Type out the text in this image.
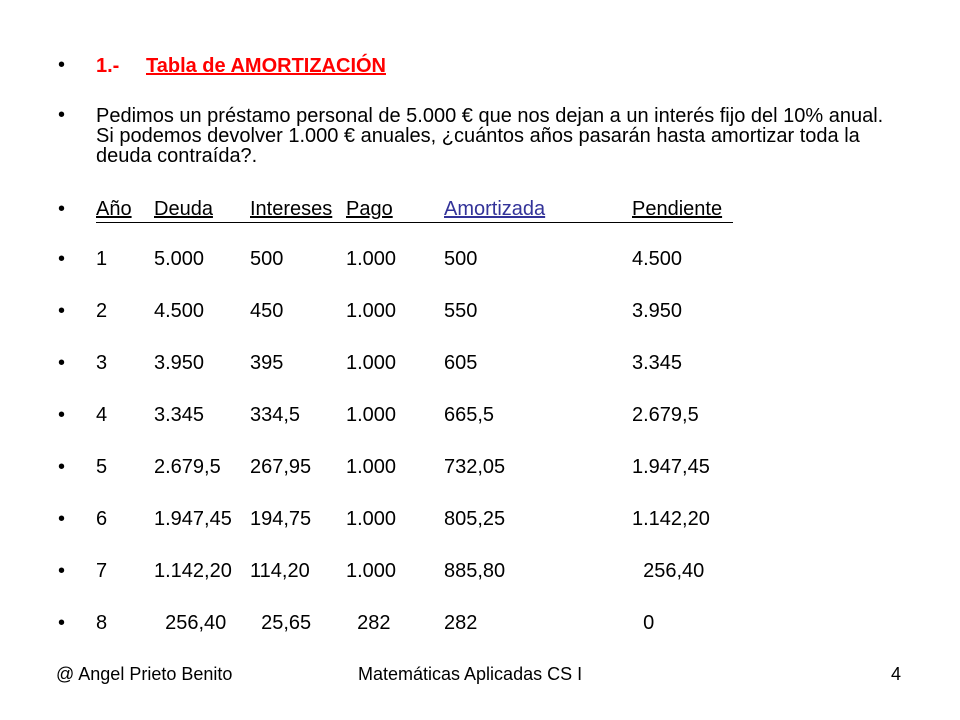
• 1.- Tabla de AMORTIZACIÓN
• Pedimos un préstamo personal de 5.000 € que nos dejan a un interés fijo del 10% anual. Si podemos devolver 1.000 € anuales, ¿cuántos años pasarán hasta amortizar toda la deuda contraída?.
• Año Deuda Intereses Pago	Amortizada	Pendiente
• 1 5.000 500	1.000 500	4.500
• 2 4.500 450	1.000 550	3.950
• 3 3.950 395	1.000 605	3.345
• 4 3.345 334,5 1.000 665,5	2.679,5
• 5 2.679,5 267,95 1.000 732,05	1.947,45
• 6 1.947,45 194,75 1.000 805,25	1.142,20
• 7 1.142,20 114,20 1.000 885,80	256,40
• 8 256,40 25,65 282	282	0
@ Angel Prieto Benito	Matemáticas Aplicadas CS I	4
